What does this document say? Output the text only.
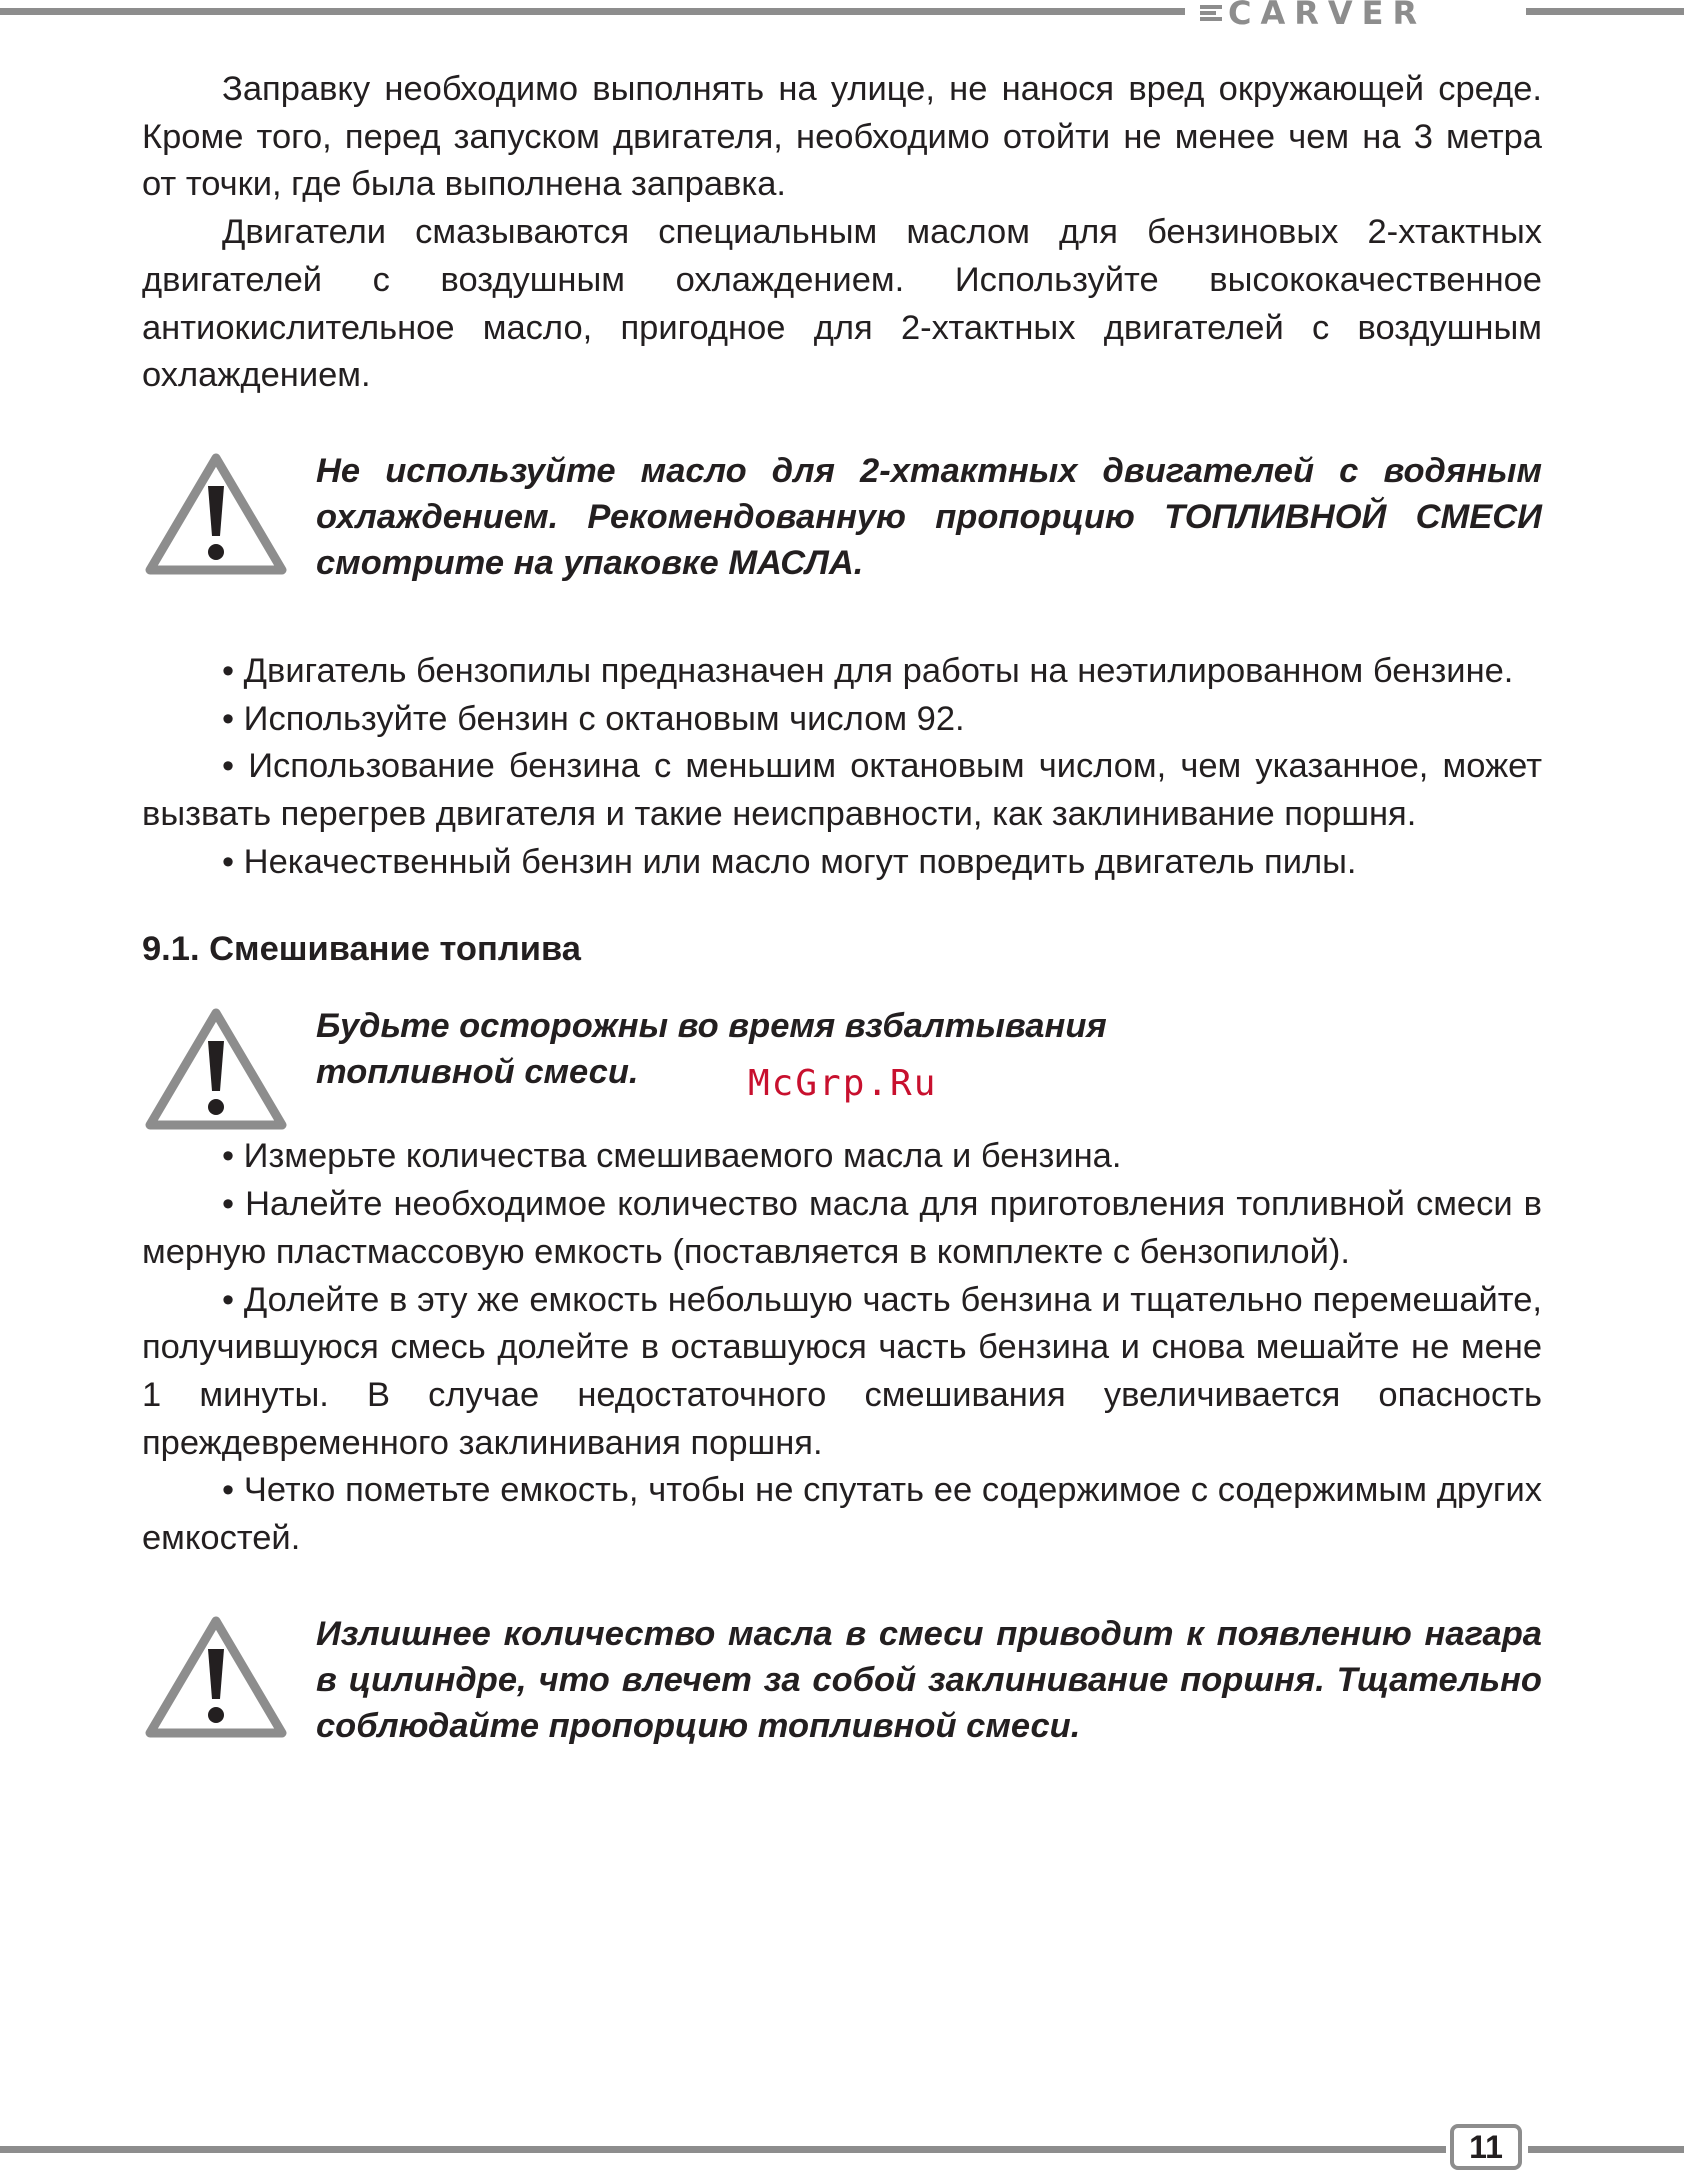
CARVER

Заправку необходимо выполнять на улице, не нанося вред окружающей среде. Кроме того, перед запуском двигателя, необходимо отойти не менее чем на 3 метра от точки, где была выполнена заправка.

Двигатели смазываются специальным маслом для бензиновых 2-хтактных двигателей с воздушным охлаждением. Используйте высококачественное антиокислительное масло, пригодное для 2-хтактных двигателей с воздушным охлаждением.

Не используйте масло для 2-хтактных двигателей с водяным охлаждением. Рекомендованную пропорцию ТОПЛИВНОЙ СМЕСИ смотрите на упаковке МАСЛА.

• Двигатель бензопилы предназначен для работы на неэтилированном бензине.

• Используйте бензин с октановым числом 92.

• Использование бензина с меньшим октановым числом, чем указанное, может вызвать перегрев двигателя и такие неисправности, как заклинивание поршня.

• Некачественный бензин или масло могут повредить двигатель пилы.

9.1. Смешивание топлива

Будьте осторожны во время взбалтывания топливной смеси.

• Измерьте количества смешиваемого масла и бензина.

• Налейте необходимое количество масла для приготовления топливной смеси в мерную пластмассовую емкость (поставляется в комплекте с бензопилой).

• Долейте в эту же емкость небольшую часть бензина и тщательно перемешайте, получившуюся смесь долейте в оставшуюся часть бензина и снова мешайте не мене 1 минуты. В случае недостаточного смешивания увеличивается опасность преждевременного заклинивания поршня.

• Четко пометьте емкость, чтобы не спутать ее содержимое с содержимым других емкостей.

Излишнее количество масла в смеси приводит к появлению нагара в цилиндре, что влечет за собой заклинивание поршня. Тщательно соблюдайте пропорцию топливной смеси.

McGrp.Ru
11
